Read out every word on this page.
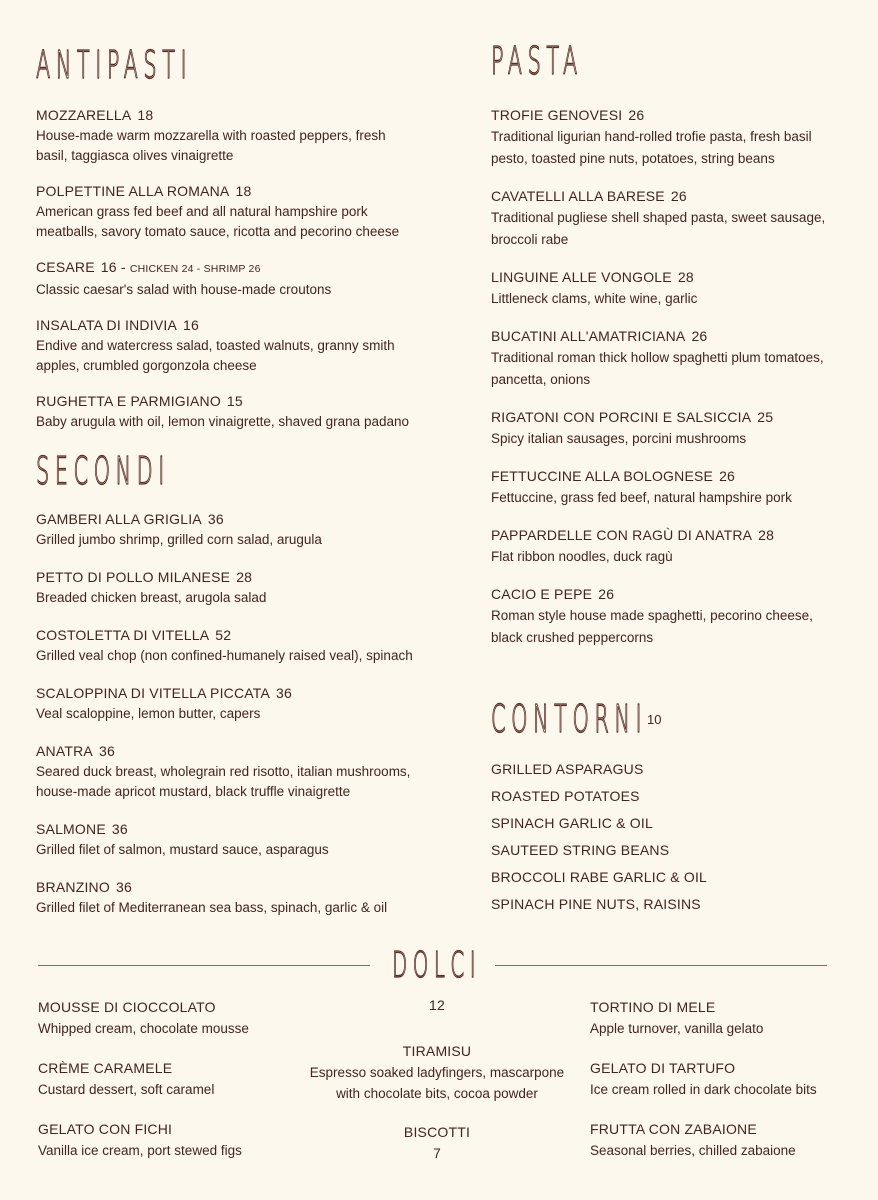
ANTIPASTI
MOZZARELLA 18
House-made warm mozzarella with roasted peppers, fresh
basil, taggiasca olives vinaigrette
POLPETTINE ALLA ROMANA 18
American grass fed beef and all natural hampshire pork
meatballs, savory tomato sauce, ricotta and pecorino cheese
CESARE 16 - CHICKEN 24 - SHRIMP 26
Classic caesar's salad with house-made croutons
INSALATA DI INDIVIA 16
Endive and watercress salad, toasted walnuts, granny smith
apples, crumbled gorgonzola cheese
RUGHETTA E PARMIGIANO 15
Baby arugula with oil, lemon vinaigrette, shaved grana padano
SECONDI
GAMBERI ALLA GRIGLIA 36
Grilled jumbo shrimp, grilled corn salad, arugula
PETTO DI POLLO MILANESE 28
Breaded chicken breast, arugola salad
COSTOLETTA DI VITELLA 52
Grilled veal chop (non confined-humanely raised veal), spinach
SCALOPPINA DI VITELLA PICCATA 36
Veal scaloppine, lemon butter, capers
ANATRA 36
Seared duck breast, wholegrain red risotto, italian mushrooms,
house-made apricot mustard, black truffle vinaigrette
SALMONE 36
Grilled filet of salmon, mustard sauce, asparagus
BRANZINO 36
Grilled filet of Mediterranean sea bass, spinach, garlic & oil
PASTA
TROFIE GENOVESI 26
Traditional ligurian hand-rolled trofie pasta, fresh basil
pesto, toasted pine nuts, potatoes, string beans
CAVATELLI ALLA BARESE 26
Traditional pugliese shell shaped pasta, sweet sausage,
broccoli rabe
LINGUINE ALLE VONGOLE 28
Littleneck clams, white wine, garlic
BUCATINI ALL'AMATRICIANA 26
Traditional roman thick hollow spaghetti plum tomatoes,
pancetta, onions
RIGATONI CON PORCINI E SALSICCIA 25
Spicy italian sausages, porcini mushrooms
FETTUCCINE ALLA BOLOGNESE 26
Fettuccine, grass fed beef, natural hampshire pork
PAPPARDELLE CON RAGÙ DI ANATRA 28
Flat ribbon noodles, duck ragù
CACIO E PEPE 26
Roman style house made spaghetti, pecorino cheese,
black crushed peppercorns
CONTORNI 10
GRILLED ASPARAGUS
ROASTED POTATOES
SPINACH GARLIC & OIL
SAUTEED STRING BEANS
BROCCOLI RABE GARLIC & OIL
SPINACH PINE NUTS, RAISINS
DOLCI
MOUSSE DI CIOCCOLATO
Whipped cream, chocolate mousse
CRÈME CARAMELE
Custard dessert, soft caramel
GELATO CON FICHI
Vanilla ice cream, port stewed figs
12
TIRAMISU
Espresso soaked ladyfingers, mascarpone
with chocolate bits, cocoa powder
BISCOTTI
7
TORTINO DI MELE
Apple turnover, vanilla gelato
GELATO DI TARTUFO
Ice cream rolled in dark chocolate bits
FRUTTA CON ZABAIONE
Seasonal berries, chilled zabaione
